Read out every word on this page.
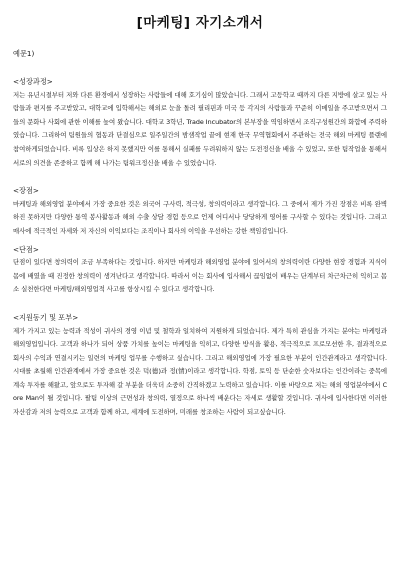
[마케팅] 자기소개서
예문1)
<성장과정>
저는 유년시절부터 저와 다른 환경에서 성장하는 사람들에 대해 호기심이 많았습니다. 그래서 고등학교 때까지 다른 지방에 살고 있는 사람들과 편지를 주고받았고, 대학교에 입학해서는 해외로 눈을 돌려 필리핀과 미국 등 각지의 사람들과 꾸준히 이메일을 주고받으면서 그들의 문화나 사회에 관한 이해를 높여 왔습니다. 대학교 3학년, Trade Incubator의 본부장을 역임하면서 조직구성원간의 화합에 주력하였습니다. 그리하여 팀원들의 협동과 단결심으로 일주일간의 밤샘작업 끝에 현재 한국 무역협회에서 주관하는 전국 해외 마케팅 플랜에 참여하게되었습니다. 비록 입상은 하지 못했지만 이를 통해서 실패를 두려워하지 않는 도전정신을 배울 수 있었고, 또한 팀작업을 통해서 서로의 의견을 존중하고 함께 해 나가는 팀워크정신을 배울 수 있었습니다.
<장점>
마케팅과 해외영업 분야에서 가장 중요한 것은 외국어 구사력, 적극성, 창의력이라고 생각합니다. 그 중에서 제가 가진 장점은 비록 완벽하진 못하지만 다양한 통역 봉사활동과 해외 수출 상담 경험 등으로 언제 어디서나 당당하게 영어를 구사할 수 있다는 것입니다. 그리고 매사에 적극적인 자세와 저 자신의 이익보다는 조직이나 회사의 이익을 우선하는 강한 책임감입니다.
<단점>
단점이 있다면 창의력이 조금 부족하다는 것입니다. 하지만 마케팅과 해외영업 분야에 있어서의 창의력이란 다양한 현장 경험과 지식이 몸에 배였을 때 진정한 창의력이 생겨난다고 생각합니다. 따라서 이는 회사에 입사해서 끊임없이 배우는 단계부터 차근차근히 익히고 몸소 실천한다면 마케팅/해외영업적 사고를 항상시킬 수 있다고 생각합니다.
<지원동기 및 포부>
제가 가지고 있는 능력과 적성이 귀사의 경영 이념 및 철학과 일치하여 지원하게 되었습니다. 제가 특히 관심을 가지는 분야는 마케팅과 해외영업입니다. 고객과 하나가 되어 상품 가치를 높이는 마케팅을 익히고, 다양한 방식을 활용, 적극적으로 프로모션한 후, 결과적으로 회사의 수익과 연결시키는 일련의 마케팅 업무를 수행하고 싶습니다. 그리고 해외영업에 가장 필요한 부분이 인간관계라고 생각합니다. 시대를 초월해 인간관계에서 가장 중요한 것은 덕(德)과 정(情)이라고 생각합니다. 학점, 토익 등 단순한 숫자보다는 인간이라는 중목에 계속 투자를 해왔고, 앞으로도 투자해 갈 부분을 더욱더 소중히 간직하겠고 노력하고 있습니다. 이를 바탕으로 저는 해외 영업분야에서 Core Man이 될 것입니다. 팔팀 이상의 근면성과 창의력, 열정으로 하나씩 배운다는 자세로 생활할 것입니다. 귀사에 입사한다면 이러한 자산감과 저의 능력으로 고객과 함께 하고, 세계에 도전하며, 미래를 창조하는 사람이 되고싶습니다.
